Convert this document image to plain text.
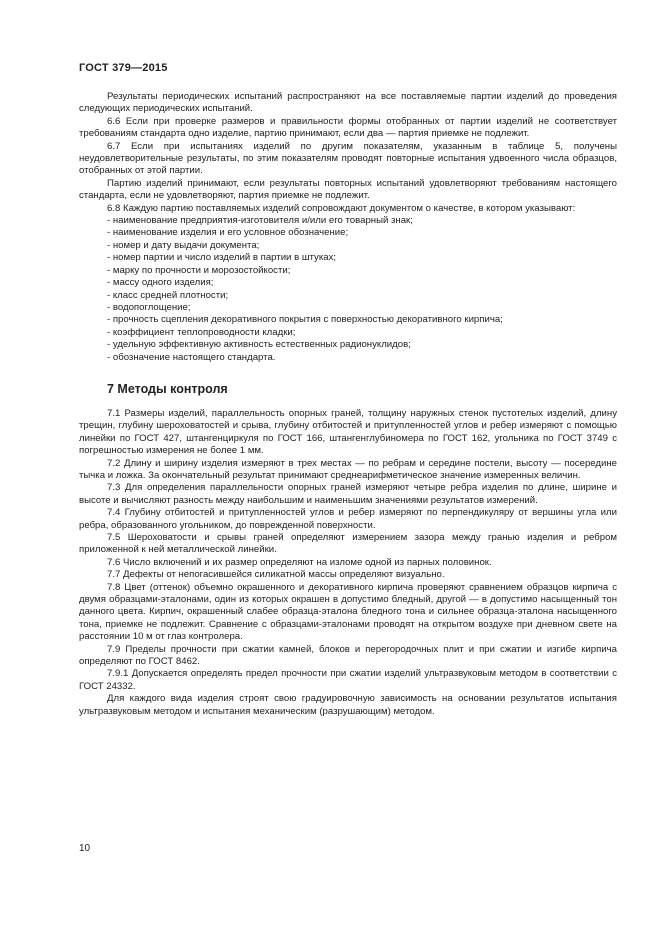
ГОСТ 379—2015

Результаты периодических испытаний распространяют на все поставляемые партии изделий до проведения следующих периодических испытаний.

6.6 Если при проверке размеров и правильности формы отобранных от партии изделий не соответствует требованиям стандарта одно изделие, партию принимают, если два — партия приемке не подлежит.

6.7 Если при испытаниях изделий по другим показателям, указанным в таблице 5, получены неудовлетворительные результаты, по этим показателям проводят повторные испытания удвоенного числа образцов, отобранных от этой партии.

Партию изделий принимают, если результаты повторных испытаний удовлетворяют требованиям настоящего стандарта, если не удовлетворяют, партия приемке не подлежит.

6.8 Каждую партию поставляемых изделий сопровождают документом о качестве, в котором указывают:

- наименование предприятия-изготовителя и/или его товарный знак;

- наименование изделия и его условное обозначение;

- номер и дату выдачи документа;

- номер партии и число изделий в партии в штуках;

- марку по прочности и морозостойкости;

- массу одного изделия;

- класс средней плотности;

- водопоглощение;

- прочность сцепления декоративного покрытия с поверхностью декоративного кирпича;

- коэффициент теплопроводности кладки;

- удельную эффективную активность естественных радионуклидов;

- обозначение настоящего стандарта.

7 Методы контроля

7.1 Размеры изделий, параллельность опорных граней, толщину наружных стенок пустотелых изделий, длину трещин, глубину шероховатостей и срыва, глубину отбитостей и притупленностей углов и ребер измеряют с помощью линейки по ГОСТ 427, штангенциркуля по ГОСТ 166, штангенглубиномера по ГОСТ 162, угольника по ГОСТ 3749 с погрешностью измерения не более 1 мм.

7.2 Длину и ширину изделия измеряют в трех местах — по ребрам и середине постели, высоту — посередине тычка и ложка. За окончательный результат принимают среднеарифметическое значение измеренных величин.

7.3 Для определения параллельности опорных граней измеряют четыре ребра изделия по длине, ширине и высоте и вычисляют разность между наибольшим и наименьшим значениями результатов измерений.

7.4 Глубину отбитостей и притупленностей углов и ребер измеряют по перпендикуляру от вершины угла или ребра, образованного угольником, до поврежденной поверхности.

7.5 Шероховатости и срывы граней определяют измерением зазора между гранью изделия и ребром приложенной к ней металлической линейки.

7.6 Число включений и их размер определяют на изломе одной из парных половинок.

7.7 Дефекты от непогасившейся силикатной массы определяют визуально.

7.8 Цвет (оттенок) объемно окрашенного и декоративного кирпича проверяют сравнением образцов кирпича с двумя образцами-эталонами, один из которых окрашен в допустимо бледный, другой — в допустимо насыщенный тон данного цвета. Кирпич, окрашенный слабее образца-эталона бледного тона и сильнее образца-эталона насыщенного тона, приемке не подлежит. Сравнение с образцами-эталонами проводят на открытом воздухе при дневном свете на расстоянии 10 м от глаз контролера.

7.9 Пределы прочности при сжатии камней, блоков и перегородочных плит и при сжатии и изгибе кирпича определяют по ГОСТ 8462.

7.9.1 Допускается определять предел прочности при сжатии изделий ультразвуковым методом в соответствии с ГОСТ 24332.

Для каждого вида изделия строят свою градуировочную зависимость на основании результатов испытания ультразвуковым методом и испытания механическим (разрушающим) методом.

10
